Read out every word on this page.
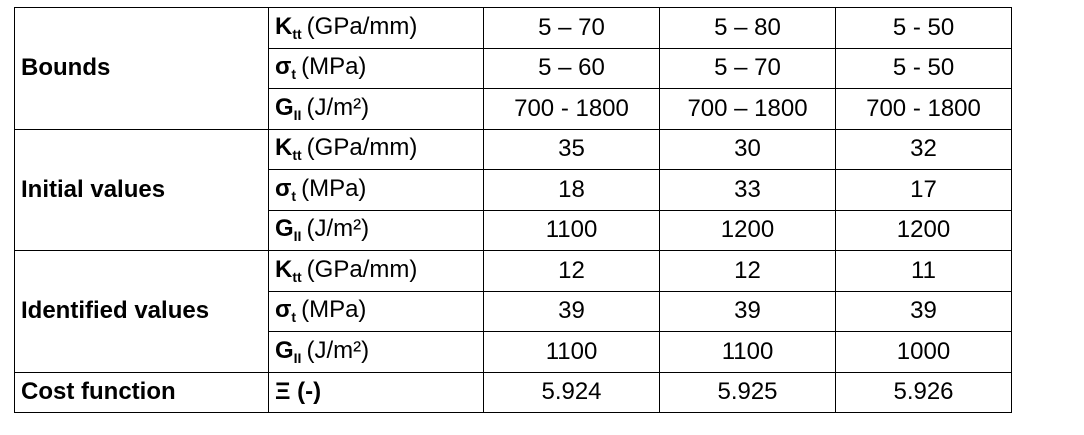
Bounds	$K_{tt}$ (GPa/mm)	5 – 70	5 – 80	5 - 50
	$\sigma_t$ (MPa)	5 – 60	5 – 70	5 - 50
	$G_{II}$ (J/m²)	700 - 1800	700 – 1800	700 - 1800
Initial values	$K_{tt}$ (GPa/mm)	35	30	32
	$\sigma_t$ (MPa)	18	33	17
	$G_{II}$ (J/m²)	1100	1200	1200
Identified values	$K_{tt}$ (GPa/mm)	12	12	11
	$\sigma_t$ (MPa)	39	39	39
	$G_{II}$ (J/m²)	1100	1100	1000
Cost function	Ξ (-)	5.924	5.925	5.926
